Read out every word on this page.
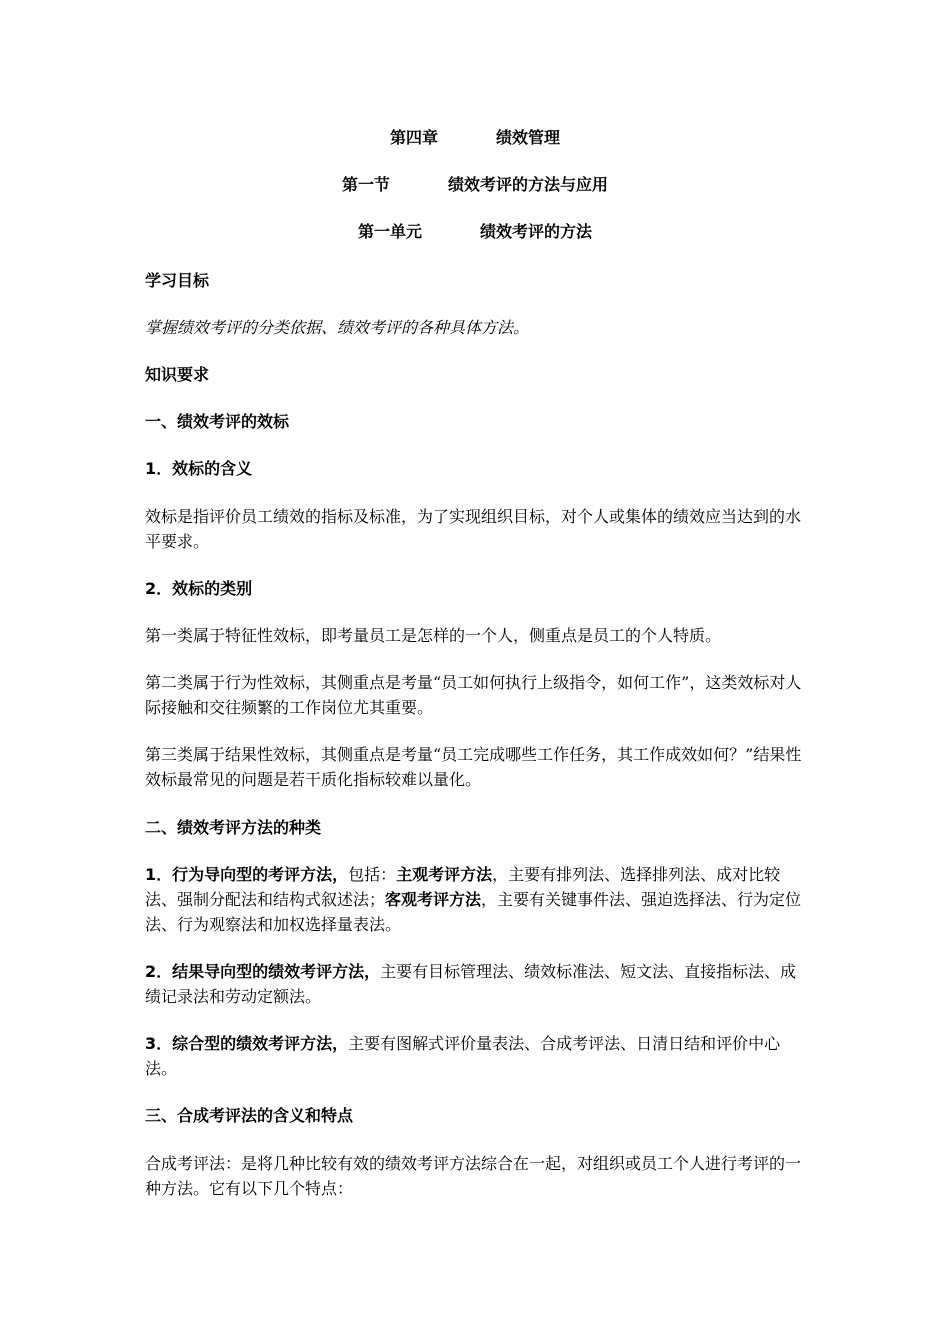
第四章	绩效管理
第一节	绩效考评的方法与应用
第一单元	绩效考评的方法
学习目标
掌握绩效考评的分类依据、绩效考评的各种具体方法。
知识要求
一、绩效考评的效标
1．效标的含义
效标是指评价员工绩效的指标及标准，为了实现组织目标，对个人或集体的绩效应当达到的水平要求。
2．效标的类别
第一类属于特征性效标，即考量员工是怎样的一个人，侧重点是员工的个人特质。
第二类属于行为性效标，其侧重点是考量“员工如何执行上级指令，如何工作”，这类效标对人际接触和交往频繁的工作岗位尤其重要。
第三类属于结果性效标，其侧重点是考量“员工完成哪些工作任务，其工作成效如何？”结果性效标最常见的问题是若干质化指标较难以量化。
二、绩效考评方法的种类
1．行为导向型的考评方法，包括：主观考评方法，主要有排列法、选择排列法、成对比较法、强制分配法和结构式叙述法；客观考评方法，主要有关键事件法、强迫选择法、行为定位法、行为观察法和加权选择量表法。
2．结果导向型的绩效考评方法，主要有目标管理法、绩效标准法、短文法、直接指标法、成绩记录法和劳动定额法。
3．综合型的绩效考评方法，主要有图解式评价量表法、合成考评法、日清日结和评价中心法。
三、合成考评法的含义和特点
合成考评法：是将几种比较有效的绩效考评方法综合在一起，对组织或员工个人进行考评的一种方法。它有以下几个特点：
